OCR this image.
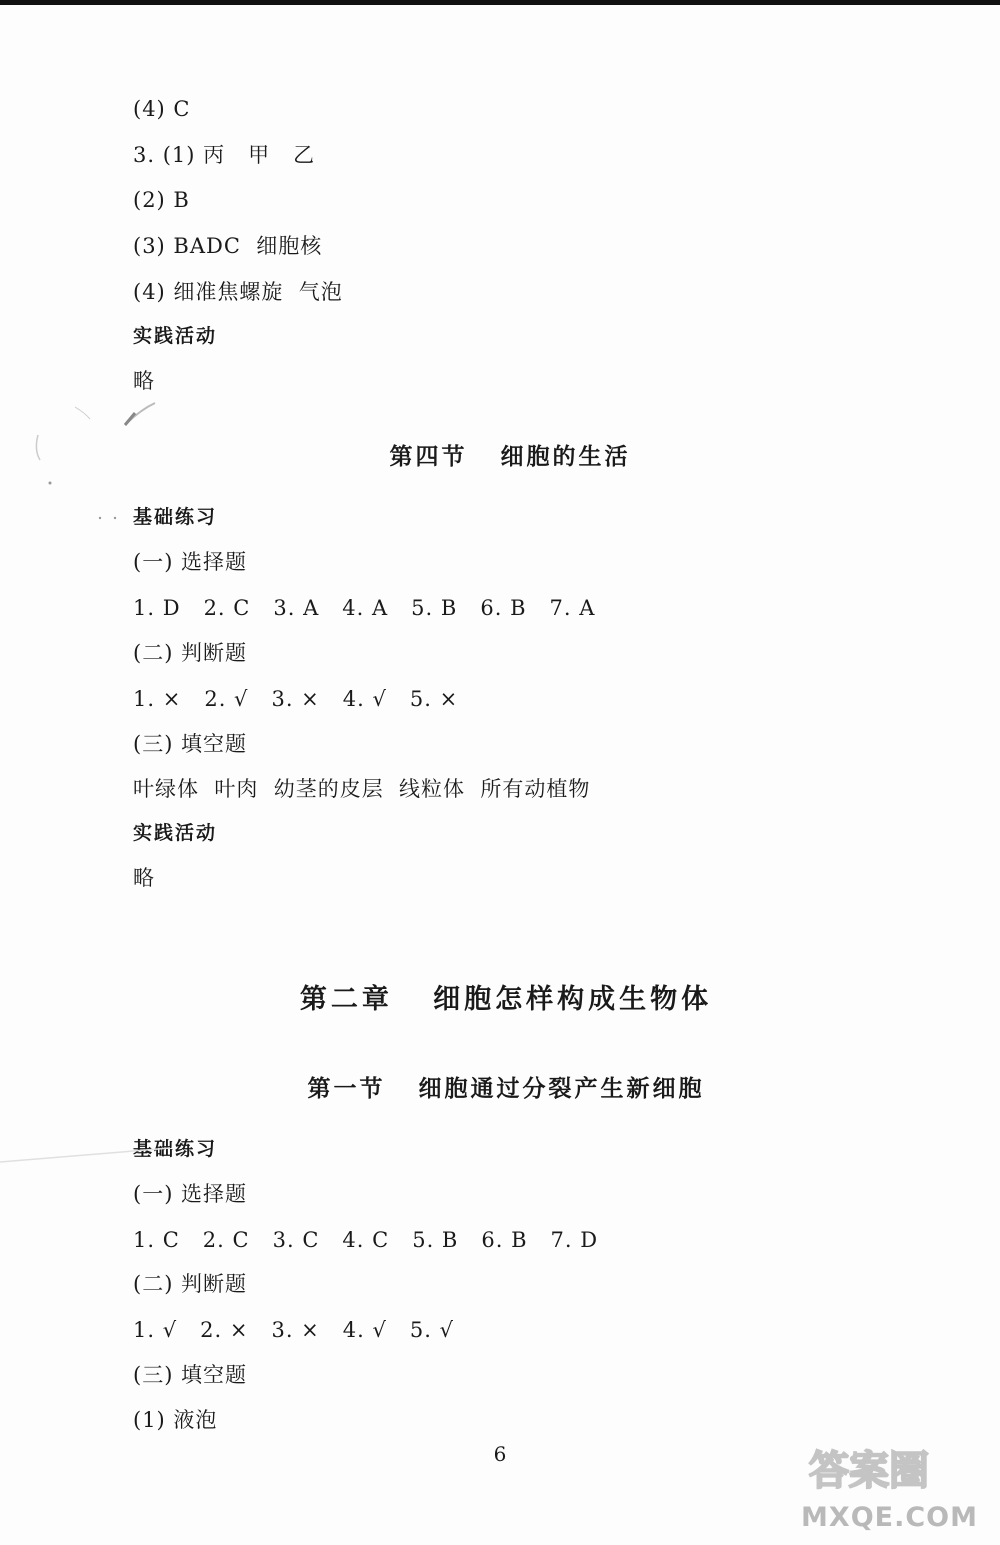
(4) C
3. (1) 丙   甲   乙
(2) B
(3) BADC  细胞核
(4) 细准焦螺旋  气泡
实践活动
略
第四节   细胞的生活
基础练习
(一) 选择题
1. D   2. C   3. A   4. A   5. B   6. B   7. A
(二) 判断题
1. ×   2. √   3. ×   4. √   5. ×
(三) 填空题
叶绿体  叶肉  幼茎的皮层  线粒体  所有动植物
实践活动
略
第二章   细胞怎样构成生物体
第一节   细胞通过分裂产生新细胞
基础练习
(一) 选择题
1. C   2. C   3. C   4. C   5. B   6. B   7. D
(二) 判断题
1. √   2. ×   3. ×   4. √   5. √
(三) 填空题
(1) 液泡
6	答案圈
MXQE.COM
